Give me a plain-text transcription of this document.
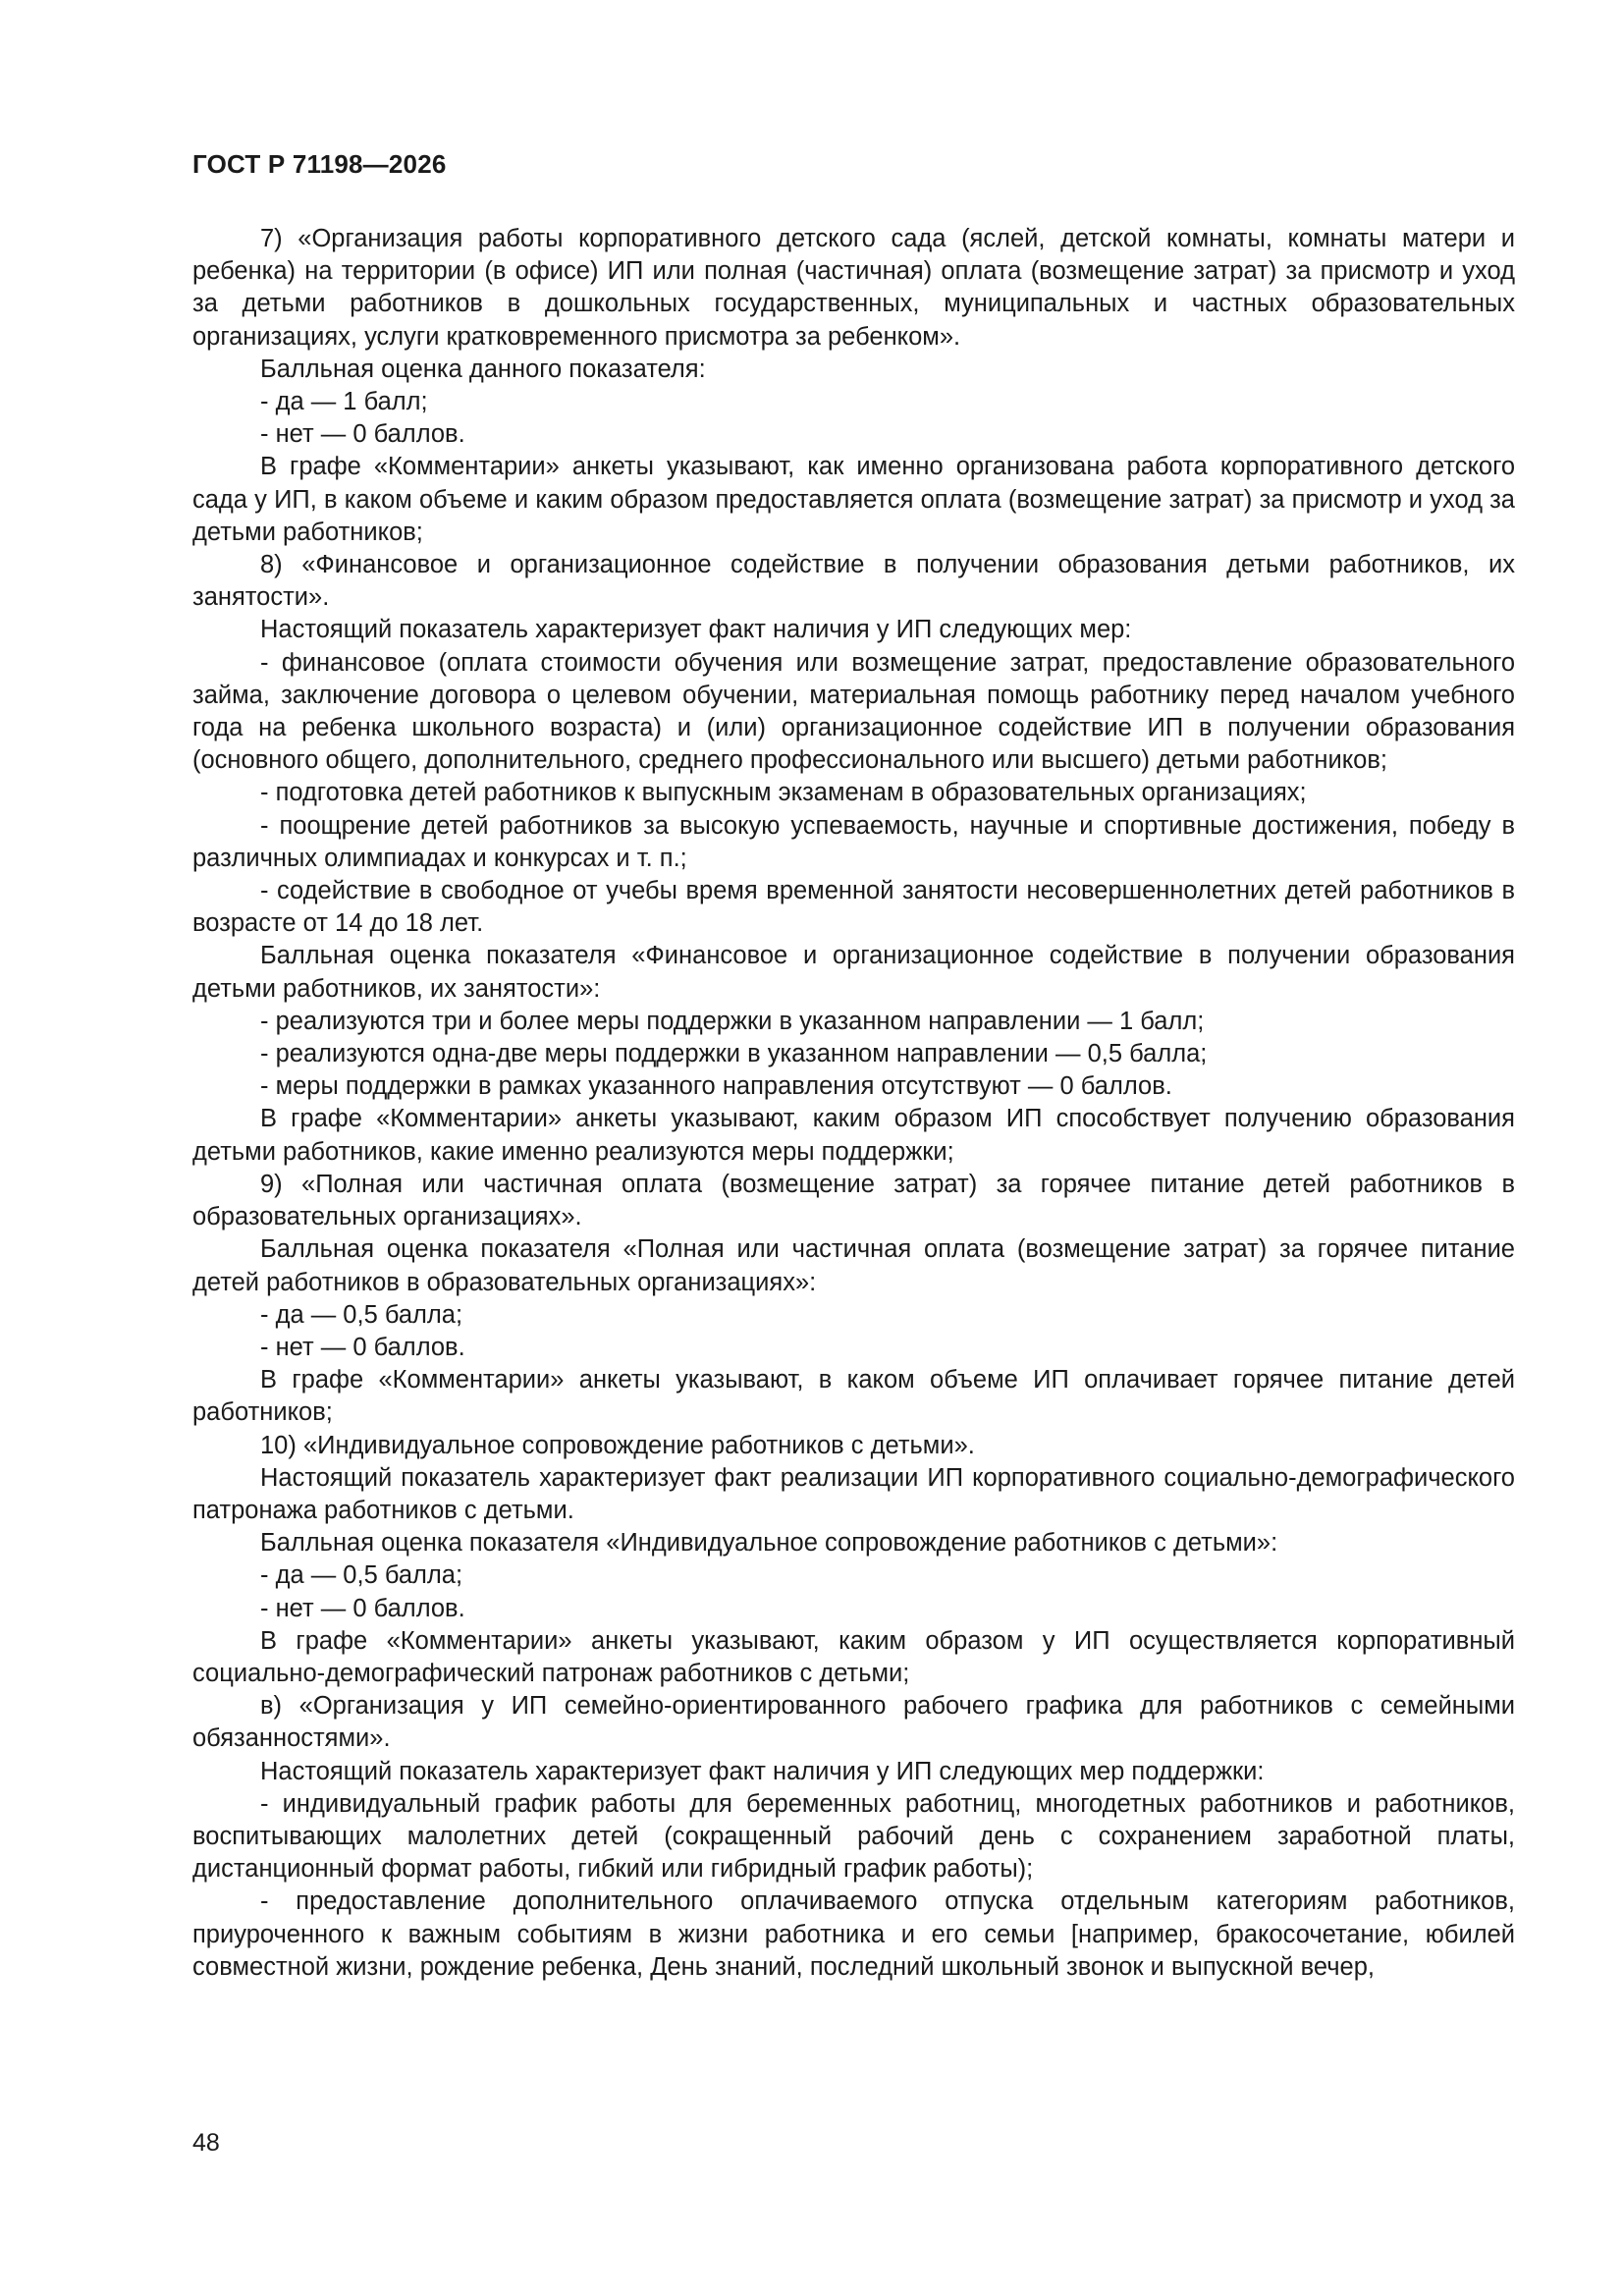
ГОСТ Р 71198—2026

7) «Организация работы корпоративного детского сада (яслей, детской комнаты, комнаты матери и ребенка) на территории (в офисе) ИП или полная (частичная) оплата (возмещение затрат) за присмотр и уход за детьми работников в дошкольных государственных, муниципальных и частных образовательных организациях, услуги кратковременного присмотра за ребенком».

Балльная оценка данного показателя:

- да — 1 балл;

- нет — 0 баллов.

В графе «Комментарии» анкеты указывают, как именно организована работа корпоративного детского сада у ИП, в каком объеме и каким образом предоставляется оплата (возмещение затрат) за присмотр и уход за детьми работников;

8) «Финансовое и организационное содействие в получении образования детьми работников, их занятости».

Настоящий показатель характеризует факт наличия у ИП следующих мер:

- финансовое (оплата стоимости обучения или возмещение затрат, предоставление образовательного займа, заключение договора о целевом обучении, материальная помощь работнику перед началом учебного года на ребенка школьного возраста) и (или) организационное содействие ИП в получении образования (основного общего, дополнительного, среднего профессионального или высшего) детьми работников;

- подготовка детей работников к выпускным экзаменам в образовательных организациях;

- поощрение детей работников за высокую успеваемость, научные и спортивные достижения, победу в различных олимпиадах и конкурсах и т. п.;

- содействие в свободное от учебы время временной занятости несовершеннолетних детей работников в возрасте от 14 до 18 лет.

Балльная оценка показателя «Финансовое и организационное содействие в получении образования детьми работников, их занятости»:

- реализуются три и более меры поддержки в указанном направлении — 1 балл;

- реализуются одна-две меры поддержки в указанном направлении — 0,5 балла;

- меры поддержки в рамках указанного направления отсутствуют — 0 баллов.

В графе «Комментарии» анкеты указывают, каким образом ИП способствует получению образования детьми работников, какие именно реализуются меры поддержки;

9) «Полная или частичная оплата (возмещение затрат) за горячее питание детей работников в образовательных организациях».

Балльная оценка показателя «Полная или частичная оплата (возмещение затрат) за горячее питание детей работников в образовательных организациях»:

- да — 0,5 балла;

- нет — 0 баллов.

В графе «Комментарии» анкеты указывают, в каком объеме ИП оплачивает горячее питание детей работников;

10) «Индивидуальное сопровождение работников с детьми».

Настоящий показатель характеризует факт реализации ИП корпоративного социально-демографического патронажа работников с детьми.

Балльная оценка показателя «Индивидуальное сопровождение работников с детьми»:

- да — 0,5 балла;

- нет — 0 баллов.

В графе «Комментарии» анкеты указывают, каким образом у ИП осуществляется корпоративный социально-демографический патронаж работников с детьми;

в) «Организация у ИП семейно-ориентированного рабочего графика для работников с семейными обязанностями».

Настоящий показатель характеризует факт наличия у ИП следующих мер поддержки:

- индивидуальный график работы для беременных работниц, многодетных работников и работников, воспитывающих малолетних детей (сокращенный рабочий день с сохранением заработной платы, дистанционный формат работы, гибкий или гибридный график работы);

- предоставление дополнительного оплачиваемого отпуска отдельным категориям работников, приуроченного к важным событиям в жизни работника и его семьи [например, бракосочетание, юбилей совместной жизни, рождение ребенка, День знаний, последний школьный звонок и выпускной вечер,

48
